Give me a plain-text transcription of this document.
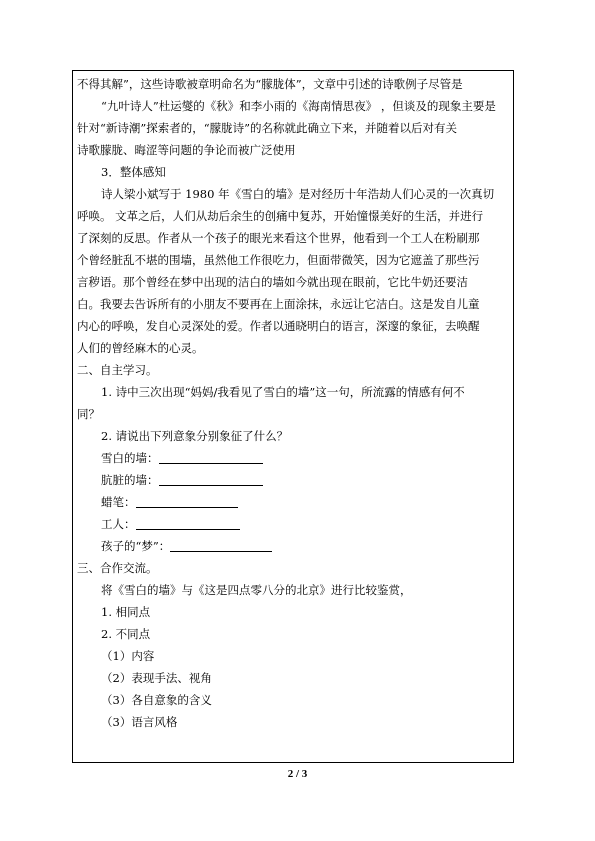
不得其解”，这些诗歌被章明命名为“朦胧体”，文章中引述的诗歌例子尽管是
“九叶诗人”杜运燮的《秋》和李小雨的《海南情思夜》 ，但谈及的现象主要是
针对“新诗潮”探索者的，“朦胧诗”的名称就此确立下来，并随着以后对有关
诗歌朦胧、晦涩等问题的争论而被广泛使用
3．整体感知
诗人梁小斌写于 1980 年《雪白的墙》是对经历十年浩劫人们心灵的一次真切
呼唤。 文革之后，人们从劫后余生的创痛中复苏，开始憧憬美好的生活，并进行
了深刻的反思。作者从一个孩子的眼光来看这个世界，他看到一个工人在粉刷那
个曾经脏乱不堪的围墙，虽然他工作很吃力，但面带微笑，因为它遮盖了那些污
言秽语。那个曾经在梦中出现的洁白的墙如今就出现在眼前，它比牛奶还要洁
白。我要去告诉所有的小朋友不要再在上面涂抹，永远让它洁白。这是发自儿童
内心的呼唤，发自心灵深处的爱。作者以通晓明白的语言，深邃的象征，去唤醒
人们的曾经麻木的心灵。
二、自主学习。
1. 诗中三次出现“妈妈/我看见了雪白的墙”这一句，所流露的情感有何不
同？
2. 请说出下列意象分别象征了什么？
雪白的墙：
肮脏的墙：
蜡笔：
工人：
孩子的“梦”：
三、合作交流。
将《雪白的墙》与《这是四点零八分的北京》进行比较鉴赏，
1. 相同点
2. 不同点
（1）内容
（2）表现手法、视角
（3）各自意象的含义
（3）语言风格
2 / 3
